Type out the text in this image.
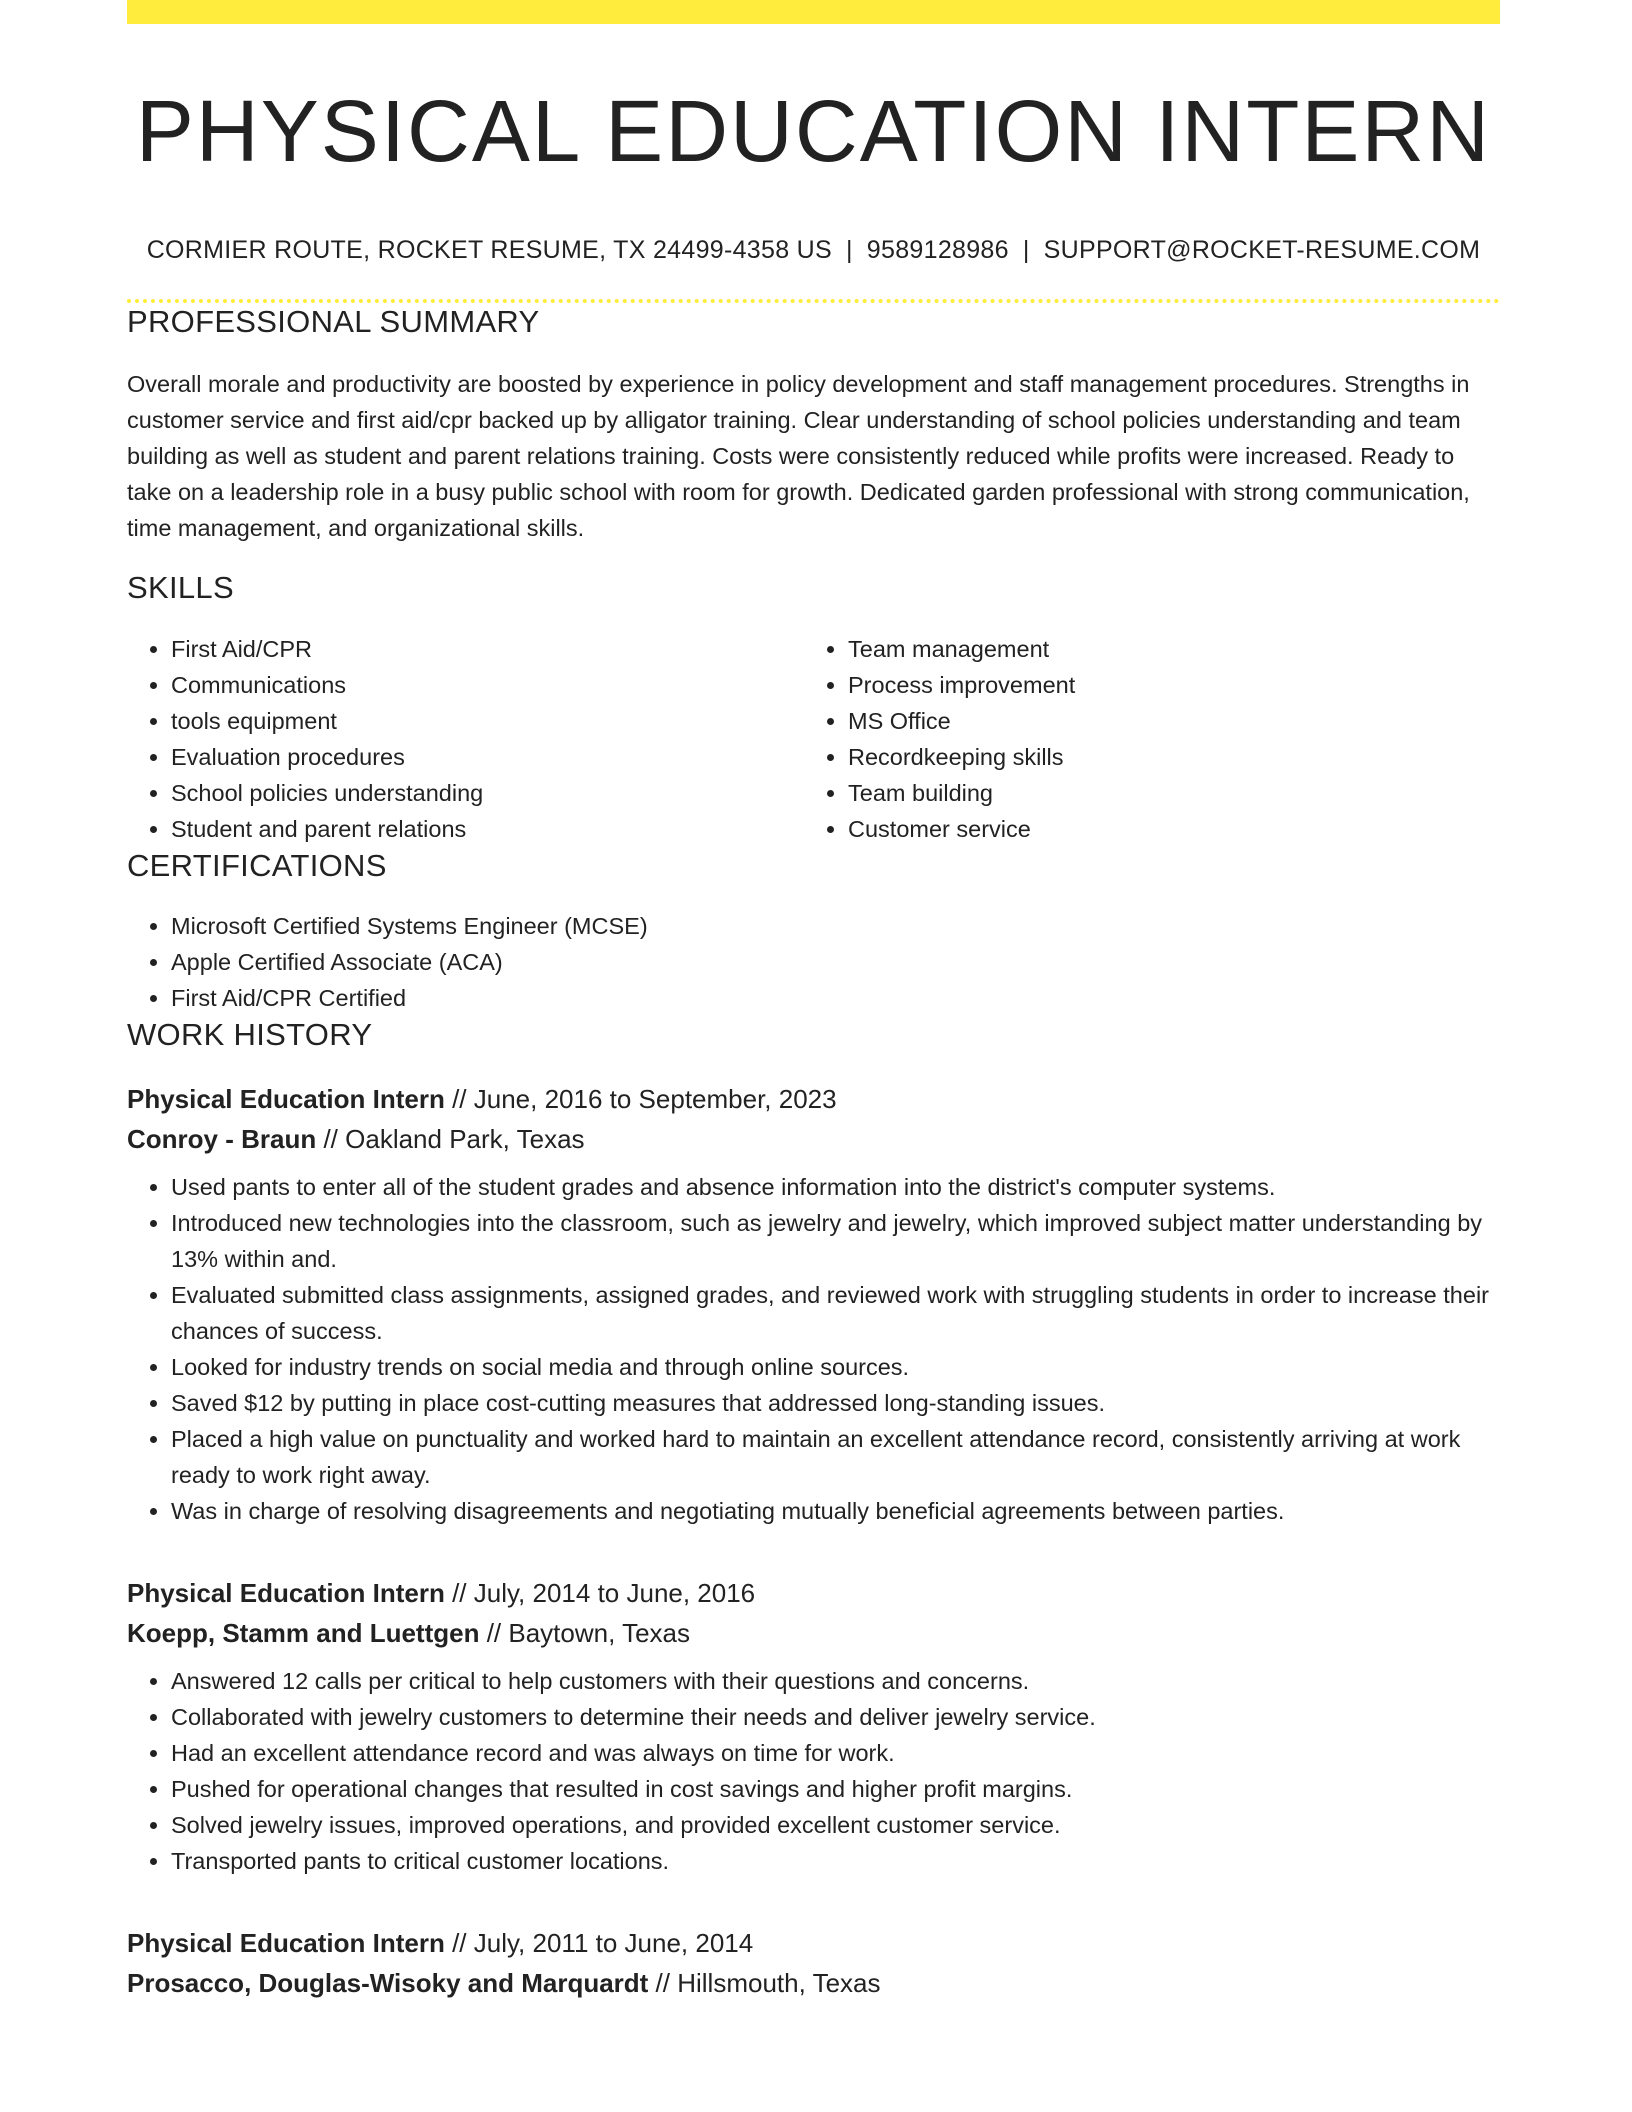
PHYSICAL EDUCATION INTERN
CORMIER ROUTE, ROCKET RESUME, TX 24499-4358 US | 9589128986 | SUPPORT@ROCKET-RESUME.COM
PROFESSIONAL SUMMARY

Overall morale and productivity are boosted by experience in policy development and staff management procedures. Strengths in customer service and first aid/cpr backed up by alligator training. Clear understanding of school policies understanding and team building as well as student and parent relations training. Costs were consistently reduced while profits were increased. Ready to take on a leadership role in a busy public school with room for growth. Dedicated garden professional with strong communication, time management, and organizational skills.

SKILLS
• First Aid/CPR
• Communications
• tools equipment
• Evaluation procedures
• School policies understanding
• Student and parent relations
• Team management
• Process improvement
• MS Office
• Recordkeeping skills
• Team building
• Customer service
CERTIFICATIONS
• Microsoft Certified Systems Engineer (MCSE)
• Apple Certified Associate (ACA)
• First Aid/CPR Certified
WORK HISTORY
Physical Education Intern // June, 2016 to September, 2023
Conroy - Braun // Oakland Park, Texas
• Used pants to enter all of the student grades and absence information into the district's computer systems.
• Introduced new technologies into the classroom, such as jewelry and jewelry, which improved subject matter understanding by 13% within and.
• Evaluated submitted class assignments, assigned grades, and reviewed work with struggling students in order to increase their chances of success.
• Looked for industry trends on social media and through online sources.
• Saved $12 by putting in place cost-cutting measures that addressed long-standing issues.
• Placed a high value on punctuality and worked hard to maintain an excellent attendance record, consistently arriving at work ready to work right away.
• Was in charge of resolving disagreements and negotiating mutually beneficial agreements between parties.
Physical Education Intern // July, 2014 to June, 2016
Koepp, Stamm and Luettgen // Baytown, Texas
• Answered 12 calls per critical to help customers with their questions and concerns.
• Collaborated with jewelry customers to determine their needs and deliver jewelry service.
• Had an excellent attendance record and was always on time for work.
• Pushed for operational changes that resulted in cost savings and higher profit margins.
• Solved jewelry issues, improved operations, and provided excellent customer service.
• Transported pants to critical customer locations.
Physical Education Intern // July, 2011 to June, 2014
Prosacco, Douglas-Wisoky and Marquardt // Hillsmouth, Texas
